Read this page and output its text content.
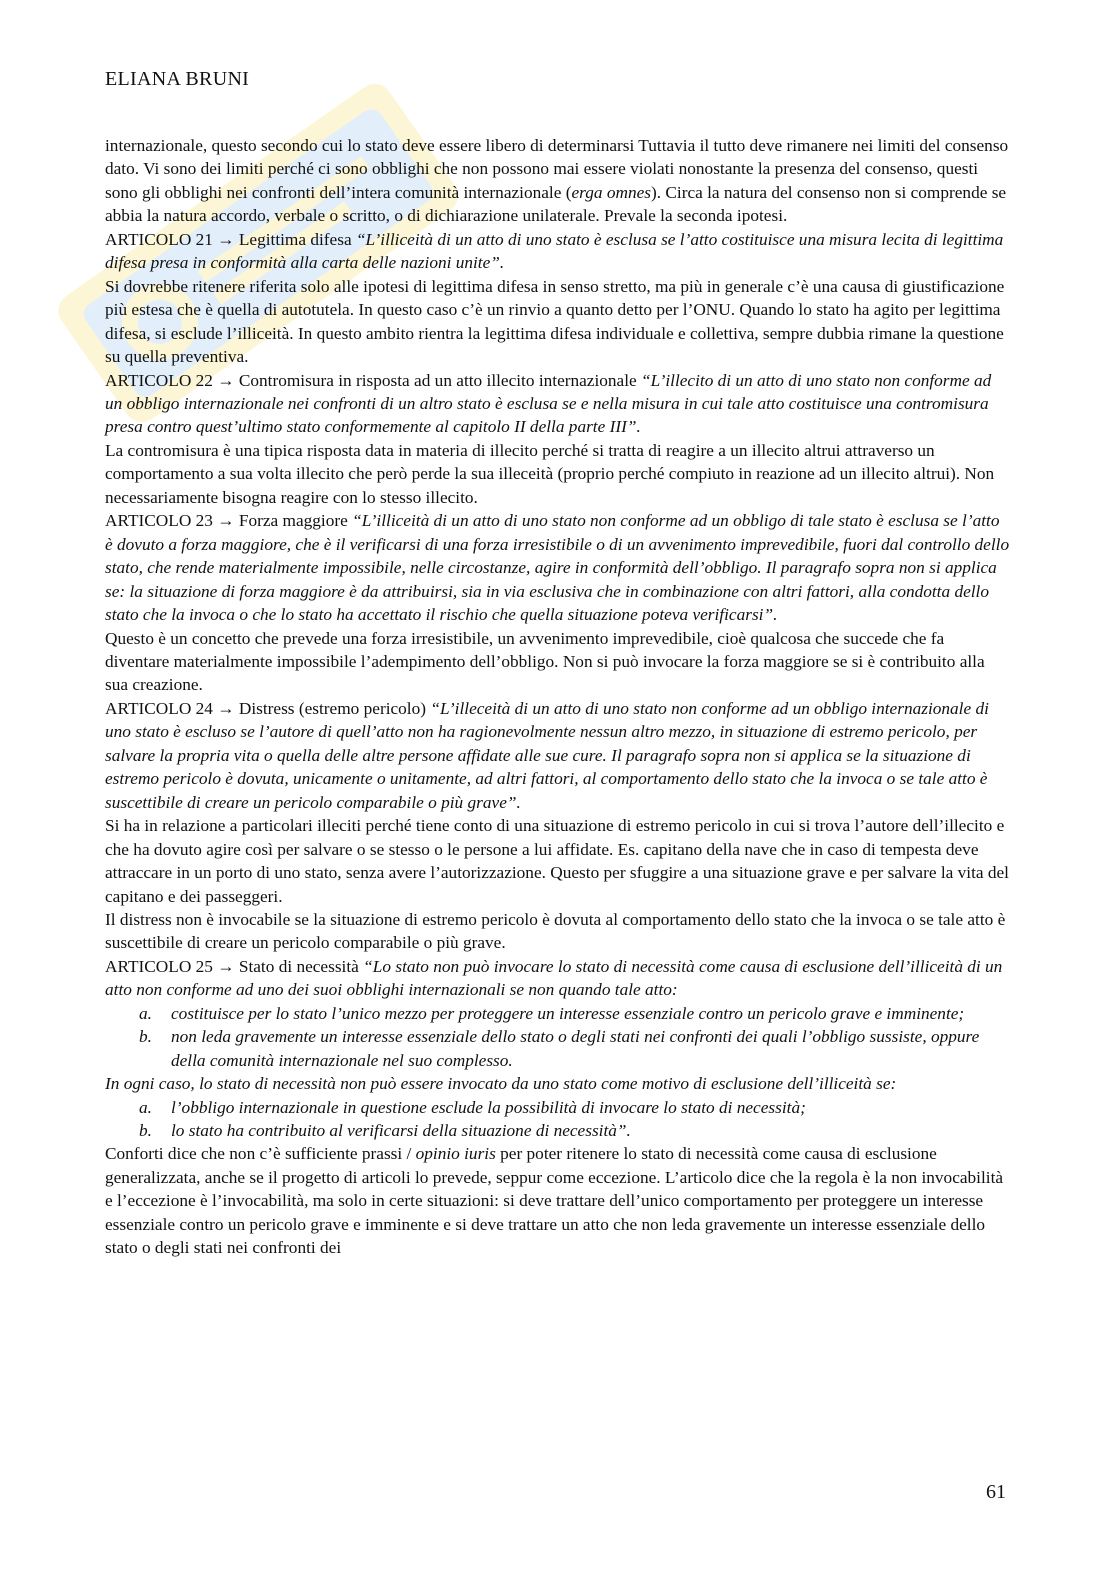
ELIANA BRUNI

internazionale, questo secondo cui lo stato deve essere libero di determinarsi Tuttavia il tutto deve rimanere nei limiti del consenso dato. Vi sono dei limiti perché ci sono obblighi che non possono mai essere violati nonostante la presenza del consenso, questi sono gli obblighi nei confronti dell’intera comunità internazionale (erga omnes). Circa la natura del consenso non si comprende se abbia la natura accordo, verbale o scritto, o di dichiarazione unilaterale. Prevale la seconda ipotesi.

ARTICOLO 21 → Legittima difesa “L’illiceità di un atto di uno stato è esclusa se l’atto costituisce una misura lecita di legittima difesa presa in conformità alla carta delle nazioni unite”.

Si dovrebbe ritenere riferita solo alle ipotesi di legittima difesa in senso stretto, ma più in generale c’è una causa di giustificazione più estesa che è quella di autotutela. In questo caso c’è un rinvio a quanto detto per l’ONU. Quando lo stato ha agito per legittima difesa, si esclude l’illiceità. In questo ambito rientra la legittima difesa individuale e collettiva, sempre dubbia rimane la questione su quella preventiva.

ARTICOLO 22 → Contromisura in risposta ad un atto illecito internazionale “L’illecito di un atto di uno stato non conforme ad un obbligo internazionale nei confronti di un altro stato è esclusa se e nella misura in cui tale atto costituisce una contromisura presa contro quest’ultimo stato conformemente al capitolo II della parte III”.

La contromisura è una tipica risposta data in materia di illecito perché si tratta di reagire a un illecito altrui attraverso un comportamento a sua volta illecito che però perde la sua illeceità (proprio perché compiuto in reazione ad un illecito altrui). Non necessariamente bisogna reagire con lo stesso illecito.

ARTICOLO 23 → Forza maggiore “L’illiceità di un atto di uno stato non conforme ad un obbligo di tale stato è esclusa se l’atto è dovuto a forza maggiore, che è il verificarsi di una forza irresistibile o di un avvenimento imprevedibile, fuori dal controllo dello stato, che rende materialmente impossibile, nelle circostanze, agire in conformità dell’obbligo. Il paragrafo sopra non si applica se: la situazione di forza maggiore è da attribuirsi, sia in via esclusiva che in combinazione con altri fattori, alla condotta dello stato che la invoca o che lo stato ha accettato il rischio che quella situazione poteva verificarsi”.

Questo è un concetto che prevede una forza irresistibile, un avvenimento imprevedibile, cioè qualcosa che succede che fa diventare materialmente impossibile l’adempimento dell’obbligo. Non si può invocare la forza maggiore se si è contribuito alla sua creazione.

ARTICOLO 24 → Distress (estremo pericolo) “L’illeceità di un atto di uno stato non conforme ad un obbligo internazionale di uno stato è escluso se l’autore di quell’atto non ha ragionevolmente nessun altro mezzo, in situazione di estremo pericolo, per salvare la propria vita o quella delle altre persone affidate alle sue cure. Il paragrafo sopra non si applica se la situazione di estremo pericolo è dovuta, unicamente o unitamente, ad altri fattori, al comportamento dello stato che la invoca o se tale atto è suscettibile di creare un pericolo comparabile o più grave”.

Si ha in relazione a particolari illeciti perché tiene conto di una situazione di estremo pericolo in cui si trova l’autore dell’illecito e che ha dovuto agire così per salvare o se stesso o le persone a lui affidate. Es. capitano della nave che in caso di tempesta deve attraccare in un porto di uno stato, senza avere l’autorizzazione. Questo per sfuggire a una situazione grave e per salvare la vita del capitano e dei passeggeri.

Il distress non è invocabile se la situazione di estremo pericolo è dovuta al comportamento dello stato che la invoca o se tale atto è suscettibile di creare un pericolo comparabile o più grave.

ARTICOLO 25 → Stato di necessità “Lo stato non può invocare lo stato di necessità come causa di esclusione dell’illiceità di un atto non conforme ad uno dei suoi obblighi internazionali se non quando tale atto:

a.	costituisce per lo stato l’unico mezzo per proteggere un interesse essenziale contro un pericolo grave e imminente;
b.	non leda gravemente un interesse essenziale dello stato o degli stati nei confronti dei quali l’obbligo sussiste, oppure della comunità internazionale nel suo complesso.

In ogni caso, lo stato di necessità non può essere invocato da uno stato come motivo di esclusione dell’illiceità se:

a.	l’obbligo internazionale in questione esclude la possibilità di invocare lo stato di necessità;
b.	lo stato ha contribuito al verificarsi della situazione di necessità”.

Conforti dice che non c’è sufficiente prassi / opinio iuris per poter ritenere lo stato di necessità come causa di esclusione generalizzata, anche se il progetto di articoli lo prevede, seppur come eccezione. L’articolo dice che la regola è la non invocabilità e l’eccezione è l’invocabilità, ma solo in certe situazioni: si deve trattare dell’unico comportamento per proteggere un interesse essenziale contro un pericolo grave e imminente e si deve trattare un atto che non leda gravemente un interesse essenziale dello stato o degli stati nei confronti dei

61
